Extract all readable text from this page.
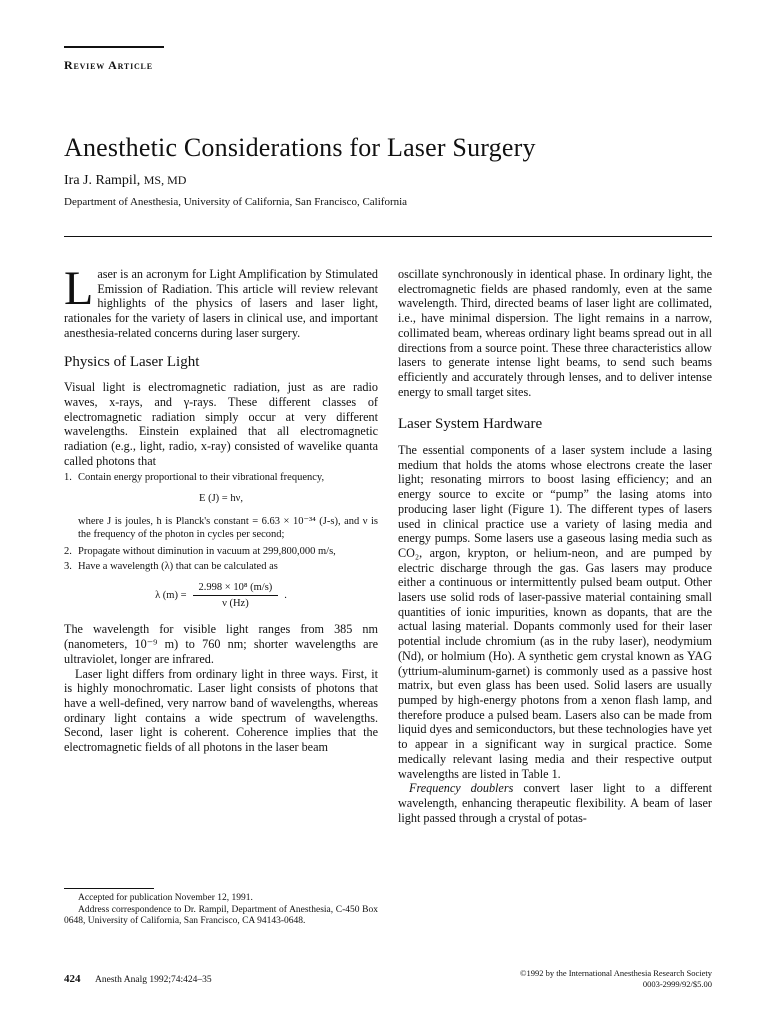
Review Article
Anesthetic Considerations for Laser Surgery
Ira J. Rampil, MS, MD
Department of Anesthesia, University of California, San Francisco, California

Laser is an acronym for Light Amplification by Stimulated Emission of Radiation. This article will review relevant highlights of the physics of lasers and laser light, rationales for the variety of lasers in clinical use, and important anesthesia-related concerns during laser surgery.

Physics of Laser Light

Visual light is electromagnetic radiation, just as are radio waves, x-rays, and γ-rays. These different classes of electromagnetic radiation simply occur at very different wavelengths. Einstein explained that all electromagnetic radiation (e.g., light, radio, x-ray) consisted of wavelike quanta called photons that

1. Contain energy proportional to their vibrational frequency,
E (J) = hν,
where J is joules, h is Planck's constant = 6.63 × 10⁻³⁴ (J-s), and ν is the frequency of the photon in cycles per second;
2. Propagate without diminution in vacuum at 299,800,000 m/s,
3. Have a wavelength (λ) that can be calculated as
λ $(m) = \frac{\text{2.998 × 10⁸ (m/s)}}{\nu (Hz)}$ .

The wavelength for visible light ranges from 385 nm (nanometers, 10⁻⁹ m) to 760 nm; shorter wavelengths are ultraviolet, longer are infrared.

Laser light differs from ordinary light in three ways. First, it is highly monochromatic. Laser light consists of photons that have a well-defined, very narrow band of wavelengths, whereas ordinary light contains a wide spectrum of wavelengths. Second, laser light is coherent. Coherence implies that the electromagnetic fields of all photons in the laser beam

oscillate synchronously in identical phase. In ordinary light, the electromagnetic fields are phased randomly, even at the same wavelength. Third, directed beams of laser light are collimated, i.e., have minimal dispersion. The light remains in a narrow, collimated beam, whereas ordinary light beams spread out in all directions from a source point. These three characteristics allow lasers to generate intense light beams, to send such beams efficiently and accurately through lenses, and to deliver intense energy to small target sites.

Laser System Hardware

The essential components of a laser system include a lasing medium that holds the atoms whose electrons create the laser light; resonating mirrors to boost lasing efficiency; and an energy source to excite or “pump” the lasing atoms into producing laser light (Figure 1). The different types of lasers used in clinical practice use a variety of lasing media and energy pumps. Some lasers use a gaseous lasing media such as CO₂, argon, krypton, or helium-neon, and are pumped by electric discharge through the gas. Gas lasers may produce either a continuous or intermittently pulsed beam output. Other lasers use solid rods of laser-passive material containing small quantities of ionic impurities, known as dopants, that are the actual lasing material. Dopants commonly used for their laser potential include chromium (as in the ruby laser), neodymium (Nd), or holmium (Ho). A synthetic gem crystal known as YAG (yttrium-aluminum-garnet) is commonly used as a passive host matrix, but even glass has been used. Solid lasers are usually pumped by high-energy photons from a xenon flash lamp, and therefore produce a pulsed beam. Lasers also can be made from liquid dyes and semiconductors, but these technologies have yet to appear in a significant way in surgical practice. Some medically relevant lasing media and their respective output wavelengths are listed in Table 1.

Frequency doublers convert laser light to a different wavelength, enhancing therapeutic flexibility. A beam of laser light passed through a crystal of potas-

Accepted for publication November 12, 1991.

Address correspondence to Dr. Rampil, Department of Anesthesia, C-450 Box 0648, University of California, San Francisco, CA 94143-0648.

424 Anesth Analg 1992;74:424–35
©1992 by the International Anesthesia Research Society
0003-2999/92/$5.00
